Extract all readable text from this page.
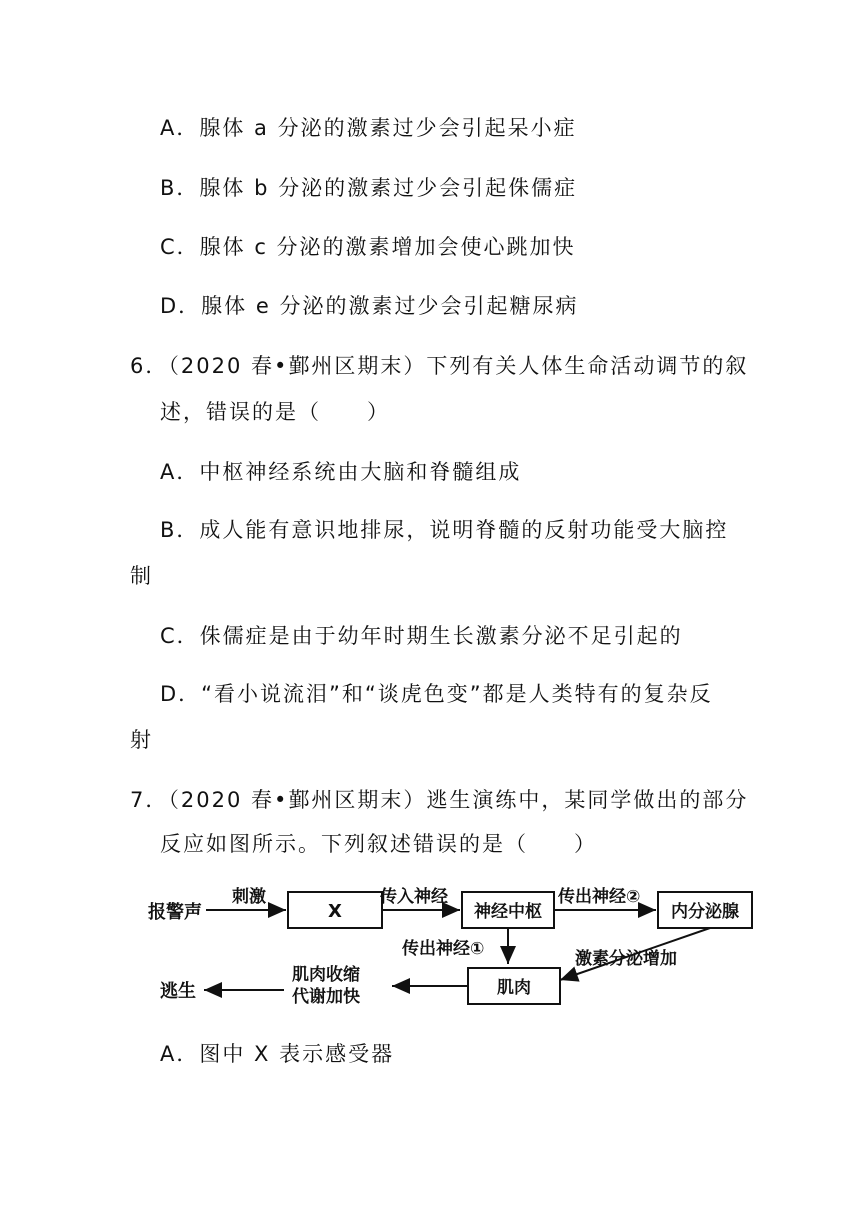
A．腺体 a 分泌的激素过少会引起呆小症
B．腺体 b 分泌的激素过少会引起侏儒症
C．腺体 c 分泌的激素增加会使心跳加快
D．腺体 e 分泌的激素过少会引起糖尿病
6．（2020 春•鄞州区期末）下列有关人体生命活动调节的叙
述，错误的是（　　）
A．中枢神经系统由大脑和脊髓组成
B．成人能有意识地排尿，说明脊髓的反射功能受大脑控
制
C．侏儒症是由于幼年时期生长激素分泌不足引起的
D．“看小说流泪”和“谈虎色变”都是人类特有的复杂反
射
7．（2020 春•鄞州区期末）逃生演练中，某同学做出的部分
反应如图所示。下列叙述错误的是（　　）
报警声
刺激
X
传入神经
神经中枢
传出神经②
内分泌腺
传出神经①	激素分泌增加
肌肉
肌肉收缩
代谢加快
逃生
A．图中 X 表示感受器
